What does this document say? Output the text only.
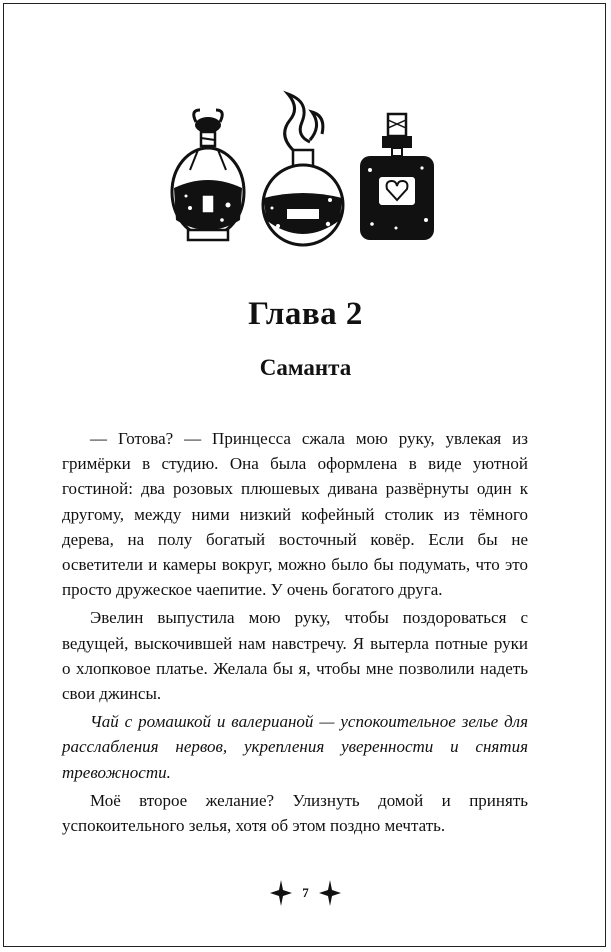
Глава 2
Саманта

— Готова? — Принцесса сжала мою руку, увлекая из гримёрки в студию. Она была оформлена в виде уютной гостиной: два розовых плюшевых дивана развёрнуты один к другому, между ними низкий кофейный столик из тёмного дерева, на полу богатый восточный ковёр. Если бы не осветители и камеры вокруг, можно было бы подумать, что это просто дружеское чаепитие. У очень богатого друга.

Эвелин выпустила мою руку, чтобы поздороваться с ведущей, выскочившей нам навстречу. Я вытерла потные руки о хлопковое платье. Желала бы я, чтобы мне позволили надеть свои джинсы.

Чай с ромашкой и валерианой — успокоительное зелье для расслабления нервов, укрепления уверенности и снятия тревожности.

Моё второе желание? Улизнуть домой и принять успокоительного зелья, хотя об этом поздно мечтать.

7
